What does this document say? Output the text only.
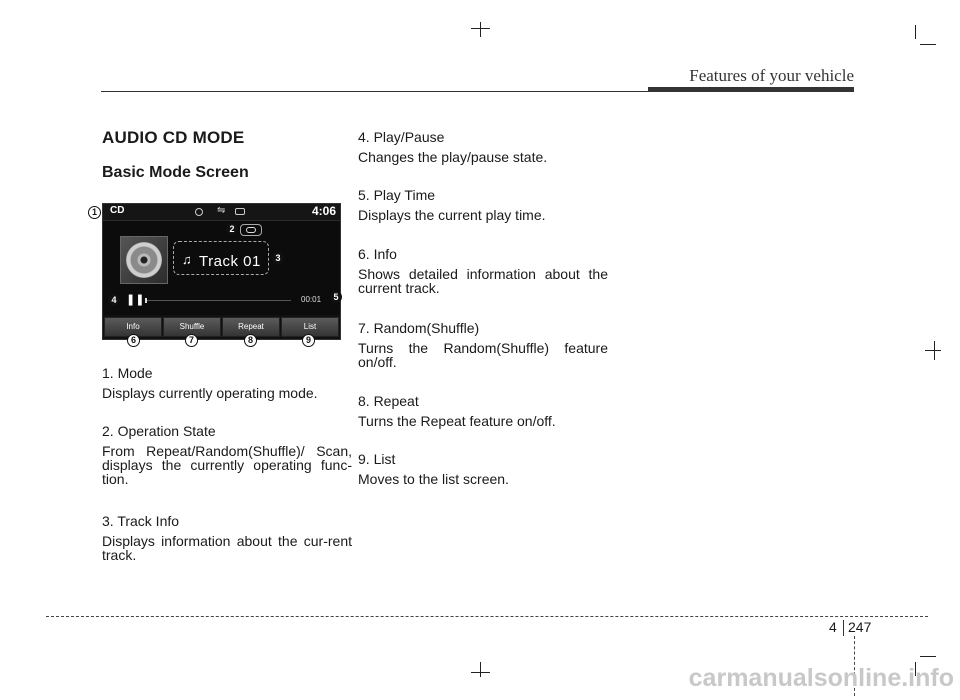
Features of your vehicle
AUDIO CD MODE
Basic Mode Screen
CD	⇋	4:06
♫ Track 01
❚❚	00:01
Info	Shuffle	Repeat	List
1
2
3
4	5
6	7	8	9

1. Mode

Displays currently operating mode.

2. Operation State

From Repeat/Random(Shuffle)/ Scan, displays the currently operating func-tion.

3. Track Info

Displays information about the cur-rent track.

4. Play/Pause

Changes the play/pause state.

5. Play Time

Displays the current play time.

6. Info

Shows detailed information about the current track.

7. Random(Shuffle)

Turns the Random(Shuffle) feature on/off.

8. Repeat

Turns the Repeat feature on/off.

9. List

Moves to the list screen.

4 247
carmanualsonline.info
